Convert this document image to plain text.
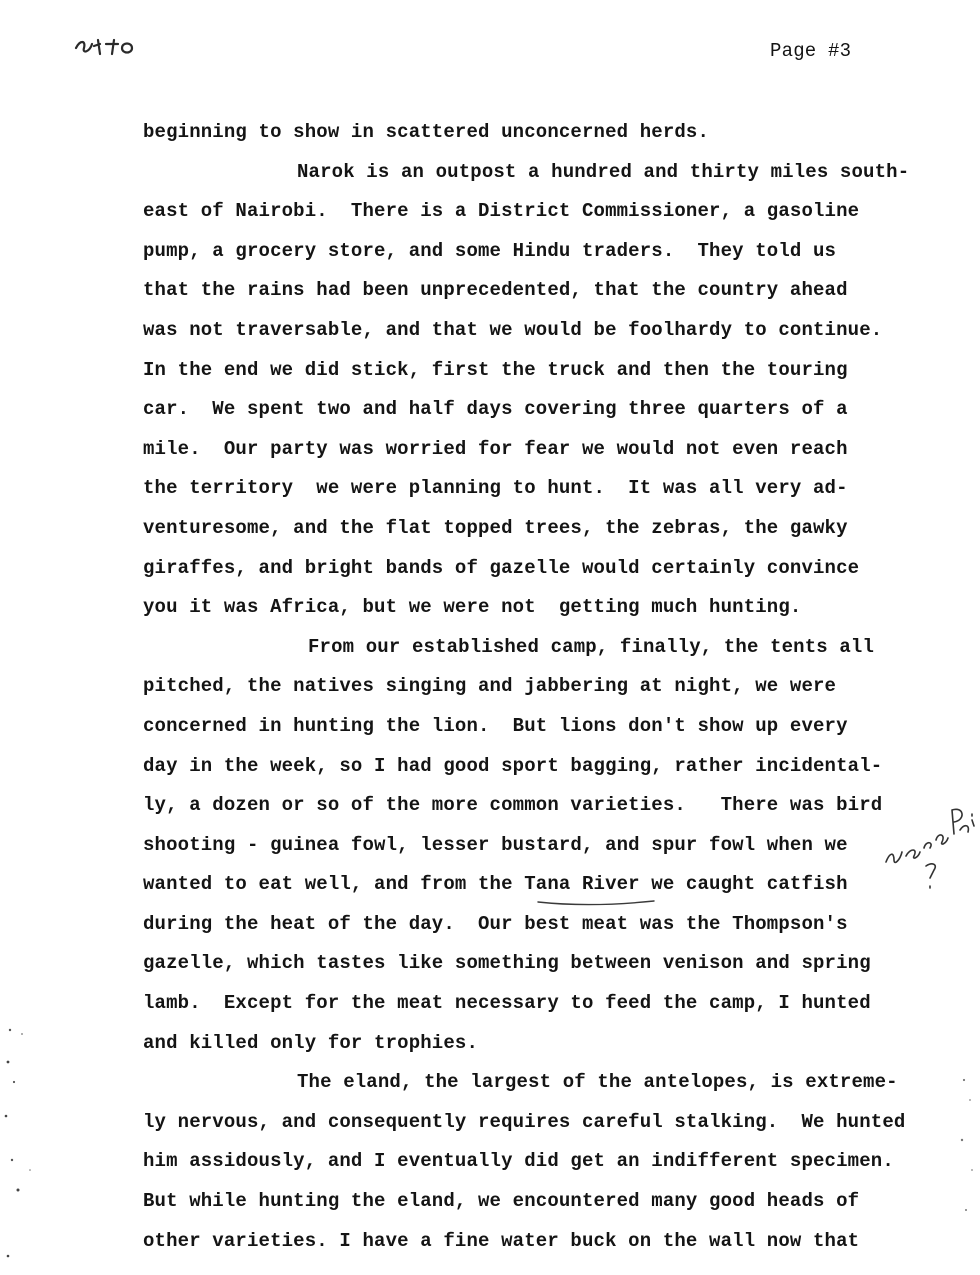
Page #3
beginning to show in scattered unconcerned herds.
Narok is an outpost a hundred and thirty miles south-
east of Nairobi.  There is a District Commissioner, a gasoline
pump, a grocery store, and some Hindu traders.  They told us
that the rains had been unprecedented, that the country ahead
was not traversable, and that we would be foolhardy to continue.
In the end we did stick, first the truck and then the touring
car.  We spent two and half days covering three quarters of a
mile.  Our party was worried for fear we would not even reach
the territory  we were planning to hunt.  It was all very ad-
venturesome, and the flat topped trees, the zebras, the gawky
giraffes, and bright bands of gazelle would certainly convince
you it was Africa, but we were not  getting much hunting.
From our established camp, finally, the tents all
pitched, the natives singing and jabbering at night, we were
concerned in hunting the lion.  But lions don't show up every
day in the week, so I had good sport bagging, rather incidental-
ly, a dozen or so of the more common varieties.   There was bird
shooting - guinea fowl, lesser bustard, and spur fowl when we
wanted to eat well, and from the Tana River we caught catfish
during the heat of the day.  Our best meat was the Thompson's
gazelle, which tastes like something between venison and spring
lamb.  Except for the meat necessary to feed the camp, I hunted
and killed only for trophies.
The eland, the largest of the antelopes, is extreme-
ly nervous, and consequently requires careful stalking.  We hunted
him assidously, and I eventually did get an indifferent specimen.
But while hunting the eland, we encountered many good heads of
other varieties. I have a fine water buck on the wall now that
